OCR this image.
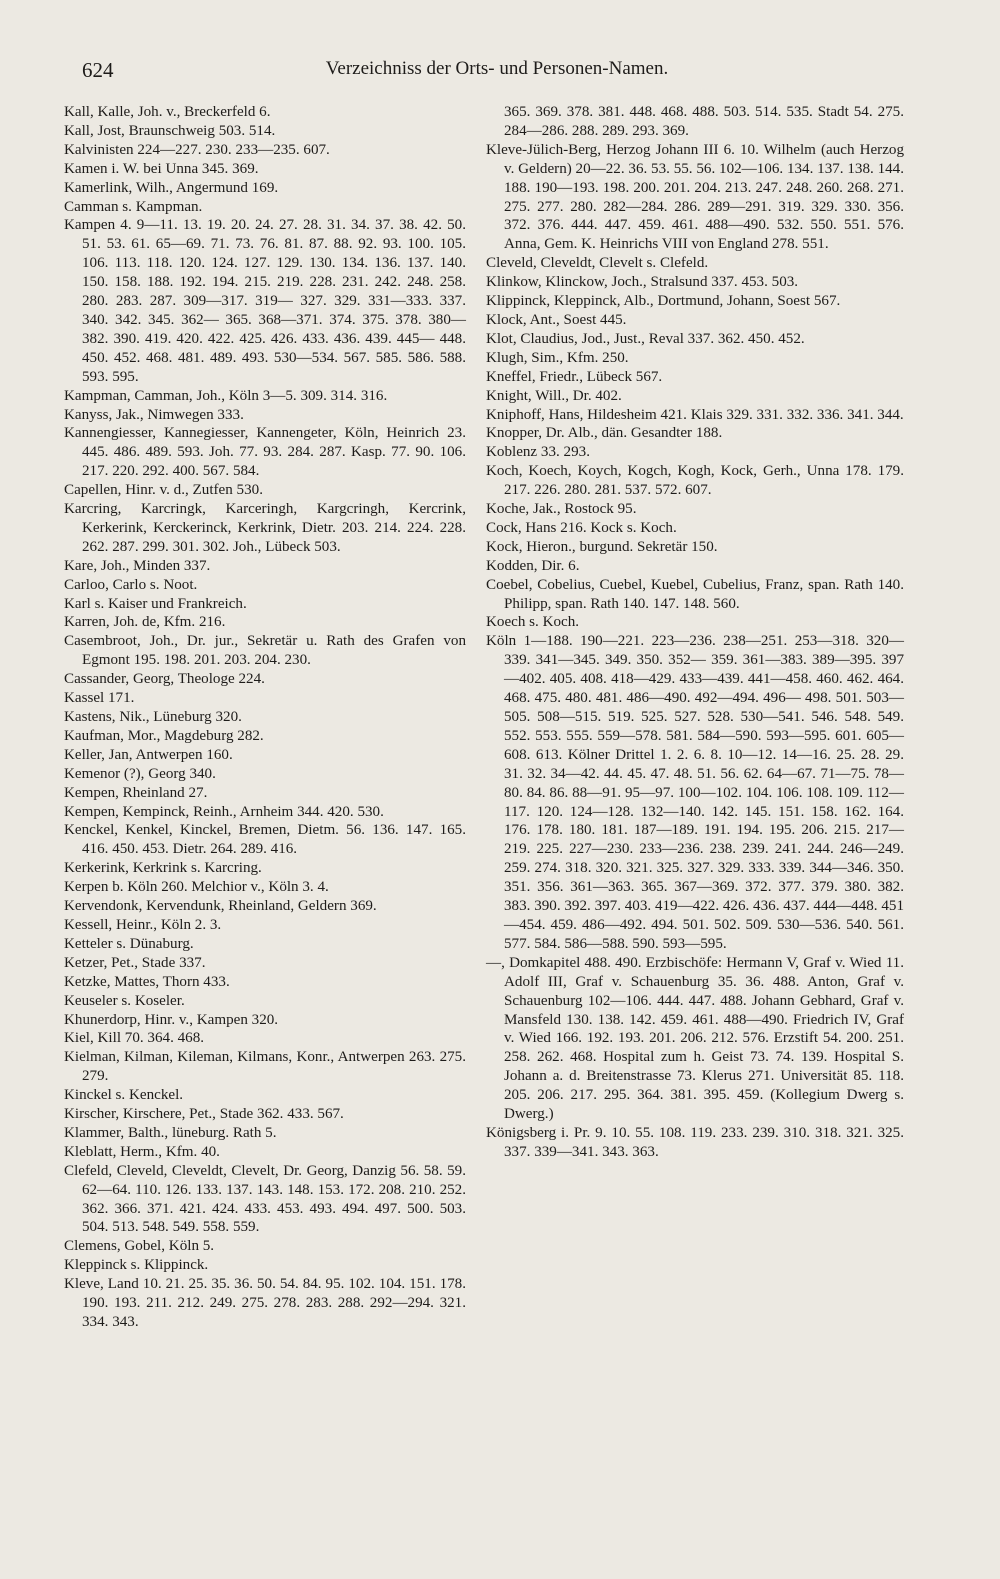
624	Verzeichniss der Orts- und Personen-Namen.
Kall, Kalle, Joh. v., Breckerfeld 6.
Kall, Jost, Braunschweig 503. 514.
Kalvinisten 224—227. 230. 233—235. 607.
Kamen i. W. bei Unna 345. 369.
Kamerlink, Wilh., Angermund 169.
Camman s. Kampman.
Kampen 4. 9—11. 13. 19. 20. 24. 27. 28. 31. 34. 37. 38. 42. 50. 51. 53. 61. 65—69. 71. 73. 76. 81. 87. 88. 92. 93. 100. 105. 106. 113. 118. 120. 124. 127. 129. 130. 134. 136. 137. 140. 150. 158. 188. 192. 194. 215. 219. 228. 231. 242. 248. 258. 280. 283. 287. 309—317. 319— 327. 329. 331—333. 337. 340. 342. 345. 362— 365. 368—371. 374. 375. 378. 380—382. 390. 419. 420. 422. 425. 426. 433. 436. 439. 445— 448. 450. 452. 468. 481. 489. 493. 530—534. 567. 585. 586. 588. 593. 595.
Kampman, Camman, Joh., Köln 3—5. 309. 314. 316.
Kanyss, Jak., Nimwegen 333.
Kannengiesser, Kannegiesser, Kannengeter, Köln, Heinrich 23. 445. 486. 489. 593. Joh. 77. 93. 284. 287. Kasp. 77. 90. 106. 217. 220. 292. 400. 567. 584.
Capellen, Hinr. v. d., Zutfen 530.
Karcring, Karcringk, Karceringh, Kargcringh, Kercrink, Kerkerink, Kerckerinck, Kerkrink, Dietr. 203. 214. 224. 228. 262. 287. 299. 301. 302. Joh., Lübeck 503.
Kare, Joh., Minden 337.
Carloo, Carlo s. Noot.
Karl s. Kaiser und Frankreich.
Karren, Joh. de, Kfm. 216.
Casembroot, Joh., Dr. jur., Sekretär u. Rath des Grafen von Egmont 195. 198. 201. 203. 204. 230.
Cassander, Georg, Theologe 224.
Kassel 171.
Kastens, Nik., Lüneburg 320.
Kaufman, Mor., Magdeburg 282.
Keller, Jan, Antwerpen 160.
Kemenor (?), Georg 340.
Kempen, Rheinland 27.
Kempen, Kempinck, Reinh., Arnheim 344. 420. 530.
Kenckel, Kenkel, Kinckel, Bremen, Dietm. 56. 136. 147. 165. 416. 450. 453. Dietr. 264. 289. 416.
Kerkerink, Kerkrink s. Karcring.
Kerpen b. Köln 260. Melchior v., Köln 3. 4.
Kervendonk, Kervendunk, Rheinland, Geldern 369.
Kessell, Heinr., Köln 2. 3.
Ketteler s. Dünaburg.
Ketzer, Pet., Stade 337.
Ketzke, Mattes, Thorn 433.
Keuseler s. Koseler.
Khunerdorp, Hinr. v., Kampen 320.
Kiel, Kill 70. 364. 468.
Kielman, Kilman, Kileman, Kilmans, Konr., Antwerpen 263. 275. 279.
Kinckel s. Kenckel.
Kirscher, Kirschere, Pet., Stade 362. 433. 567.
Klammer, Balth., lüneburg. Rath 5.
Kleblatt, Herm., Kfm. 40.
Clefeld, Cleveld, Cleveldt, Clevelt, Dr. Georg, Danzig 56. 58. 59. 62—64. 110. 126. 133. 137. 143. 148. 153. 172. 208. 210. 252. 362. 366. 371. 421. 424. 433. 453. 493. 494. 497. 500. 503. 504. 513. 548. 549. 558. 559.
Clemens, Gobel, Köln 5.
Kleppinck s. Klippinck.
Kleve, Land 10. 21. 25. 35. 36. 50. 54. 84. 95. 102. 104. 151. 178. 190. 193. 211. 212. 249. 275. 278. 283. 288. 292—294. 321. 334. 343.
365. 369. 378. 381. 448. 468. 488. 503. 514. 535. Stadt 54. 275. 284—286. 288. 289. 293. 369.
Kleve-Jülich-Berg, Herzog Johann III 6. 10. Wilhelm (auch Herzog v. Geldern) 20—22. 36. 53. 55. 56. 102—106. 134. 137. 138. 144. 188. 190—193. 198. 200. 201. 204. 213. 247. 248. 260. 268. 271. 275. 277. 280. 282—284. 286. 289—291. 319. 329. 330. 356. 372. 376. 444. 447. 459. 461. 488—490. 532. 550. 551. 576. Anna, Gem. K. Heinrichs VIII von England 278. 551.
Cleveld, Cleveldt, Clevelt s. Clefeld.
Klinkow, Klinckow, Joch., Stralsund 337. 453. 503.
Klippinck, Kleppinck, Alb., Dortmund, Johann, Soest 567.
Klock, Ant., Soest 445.
Klot, Claudius, Jod., Just., Reval 337. 362. 450. 452.
Klugh, Sim., Kfm. 250.
Kneffel, Friedr., Lübeck 567.
Knight, Will., Dr. 402.
Kniphoff, Hans, Hildesheim 421. Klais 329. 331. 332. 336. 341. 344.
Knopper, Dr. Alb., dän. Gesandter 188.
Koblenz 33. 293.
Koch, Koech, Koych, Kogch, Kogh, Kock, Gerh., Unna 178. 179. 217. 226. 280. 281. 537. 572. 607.
Koche, Jak., Rostock 95.
Cock, Hans 216. Kock s. Koch.
Kock, Hieron., burgund. Sekretär 150.
Kodden, Dir. 6.
Coebel, Cobelius, Cuebel, Kuebel, Cubelius, Franz, span. Rath 140. Philipp, span. Rath 140. 147. 148. 560.
Koech s. Koch.
Köln 1—188. 190—221. 223—236. 238—251. 253—318. 320—339. 341—345. 349. 350. 352— 359. 361—383. 389—395. 397—402. 405. 408. 418—429. 433—439. 441—458. 460. 462. 464. 468. 475. 480. 481. 486—490. 492—494. 496— 498. 501. 503—505. 508—515. 519. 525. 527. 528. 530—541. 546. 548. 549. 552. 553. 555. 559—578. 581. 584—590. 593—595. 601. 605— 608. 613. Kölner Drittel 1. 2. 6. 8. 10—12. 14—16. 25. 28. 29. 31. 32. 34—42. 44. 45. 47. 48. 51. 56. 62. 64—67. 71—75. 78—80. 84. 86. 88—91. 95—97. 100—102. 104. 106. 108. 109. 112—117. 120. 124—128. 132—140. 142. 145. 151. 158. 162. 164. 176. 178. 180. 181. 187—189. 191. 194. 195. 206. 215. 217— 219. 225. 227—230. 233—236. 238. 239. 241. 244. 246—249. 259. 274. 318. 320. 321. 325. 327. 329. 333. 339. 344—346. 350. 351. 356. 361—363. 365. 367—369. 372. 377. 379. 380. 382. 383. 390. 392. 397. 403. 419—422. 426. 436. 437. 444—448. 451—454. 459. 486—492. 494. 501. 502. 509. 530—536. 540. 561. 577. 584. 586—588. 590. 593—595.
—, Domkapitel 488. 490. Erzbischöfe: Hermann V, Graf v. Wied 11. Adolf III, Graf v. Schauenburg 35. 36. 488. Anton, Graf v. Schauenburg 102—106. 444. 447. 488. Johann Gebhard, Graf v. Mansfeld 130. 138. 142. 459. 461. 488—490. Friedrich IV, Graf v. Wied 166. 192. 193. 201. 206. 212. 576. Erzstift 54. 200. 251. 258. 262. 468. Hospital zum h. Geist 73. 74. 139. Hospital S. Johann a. d. Breitenstrasse 73. Klerus 271. Universität 85. 118. 205. 206. 217. 295. 364. 381. 395. 459. (Kollegium Dwerg s. Dwerg.)
Königsberg i. Pr. 9. 10. 55. 108. 119. 233. 239. 310. 318. 321. 325. 337. 339—341. 343. 363.
